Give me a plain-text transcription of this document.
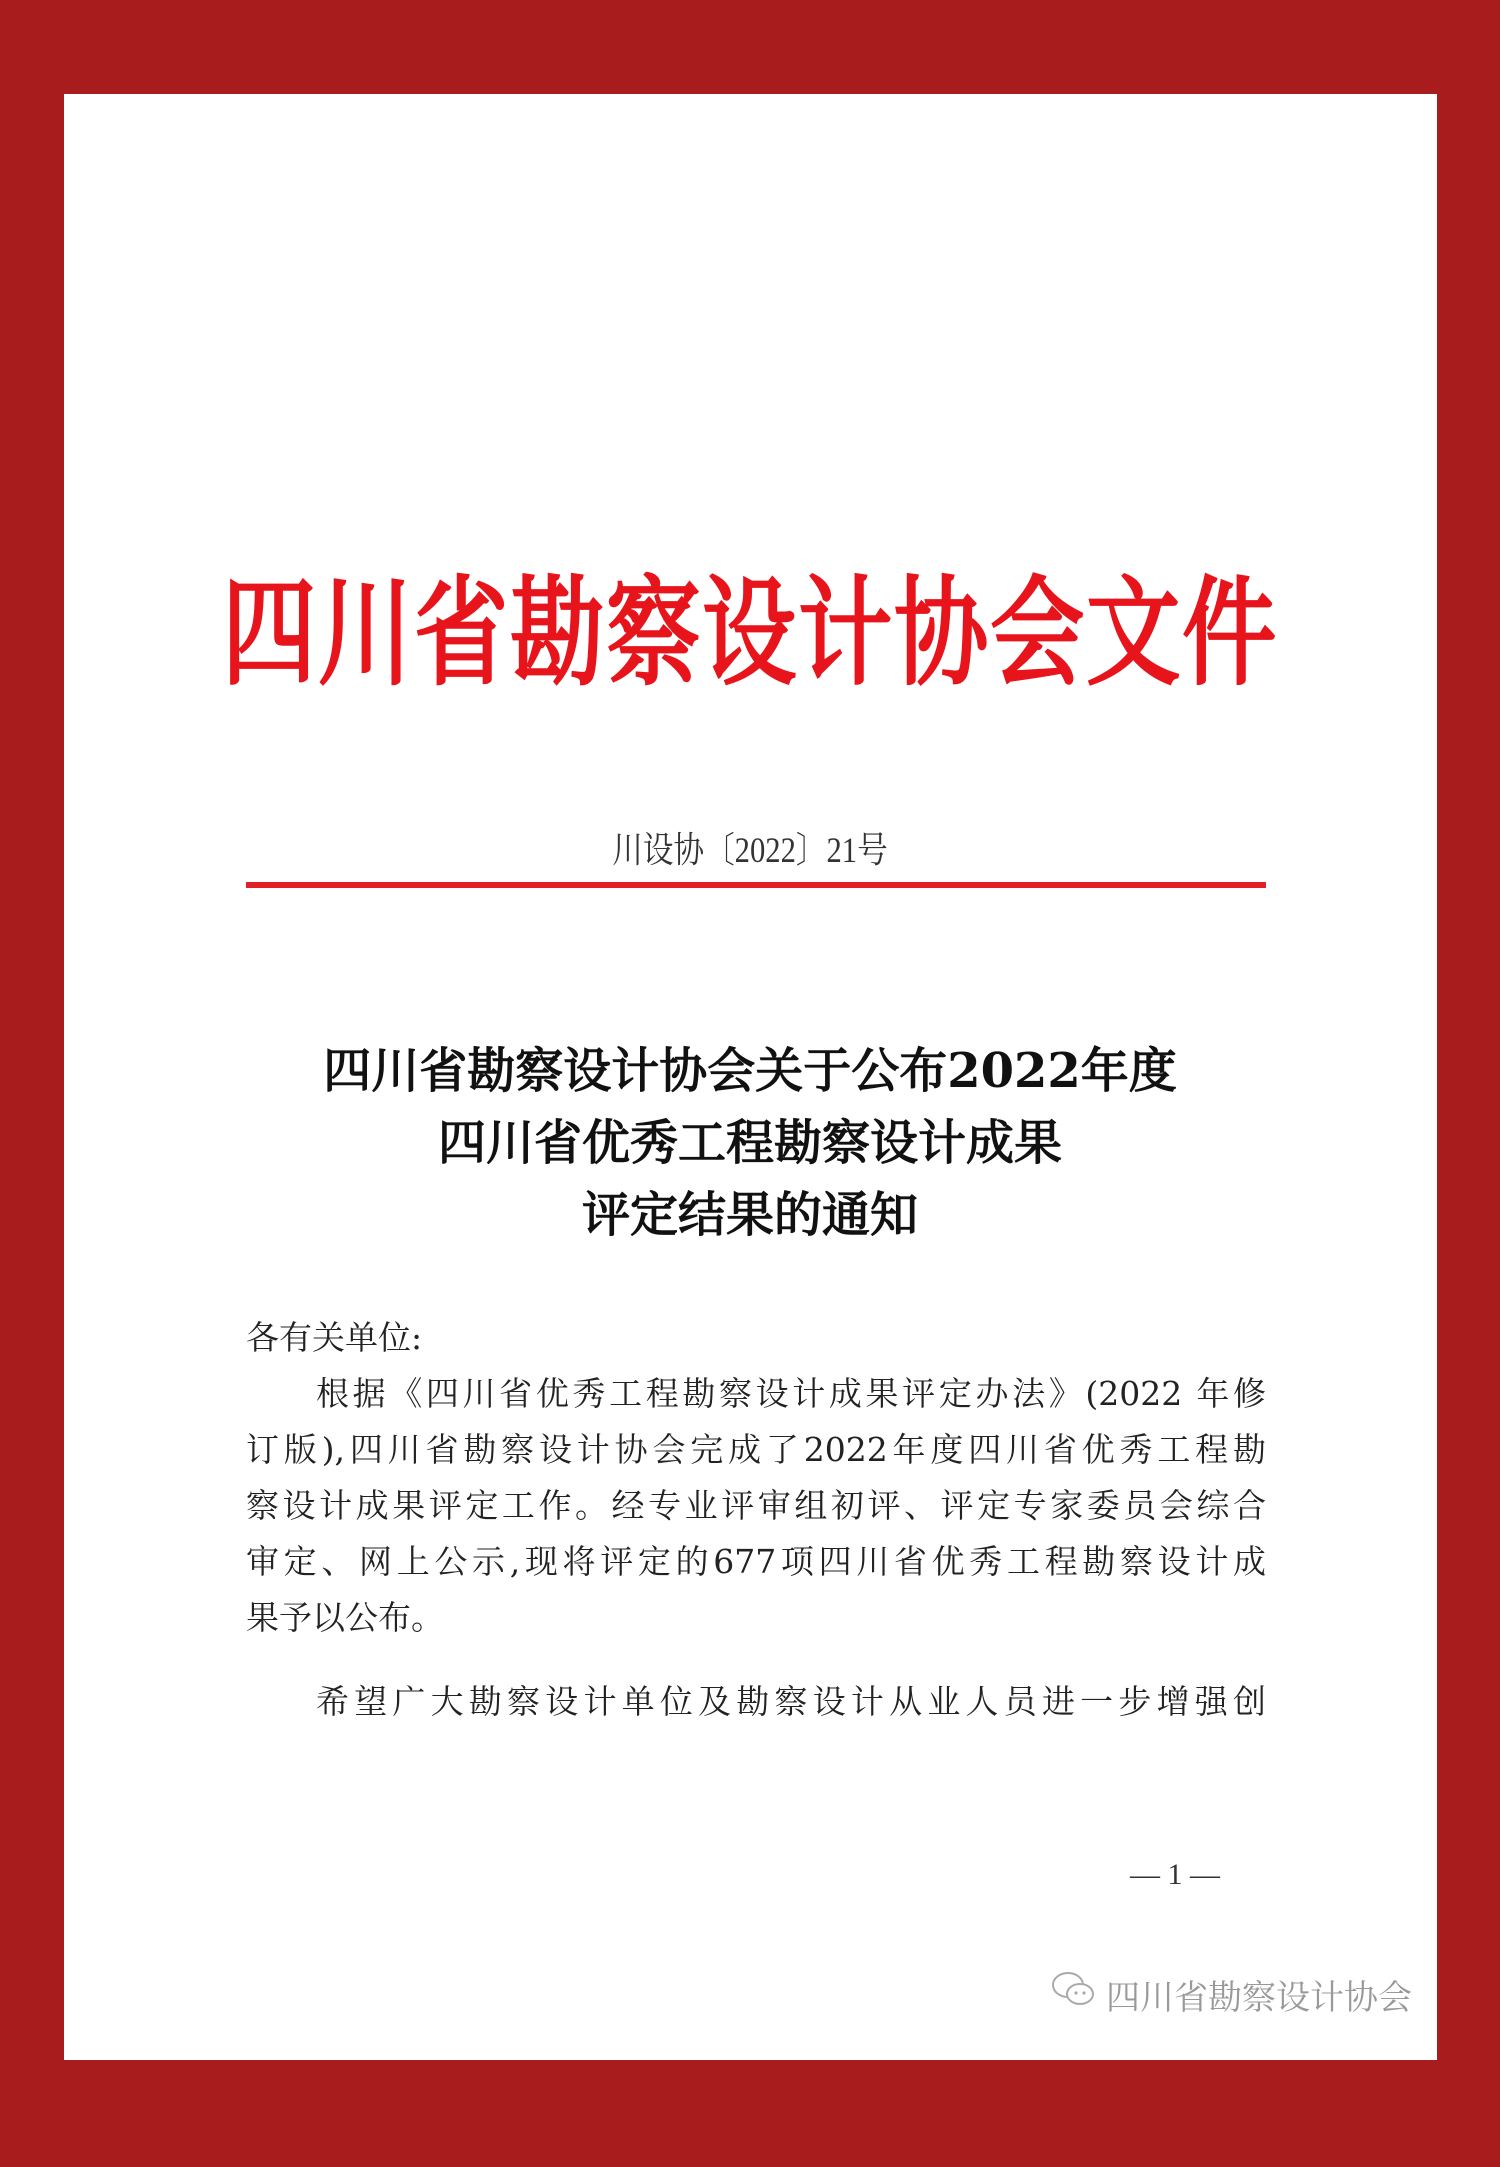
四川省勘察设计协会文件
川设协〔2022〕21号
四川省勘察设计协会关于公布2022年度
四川省优秀工程勘察设计成果
评定结果的通知
各有关单位:
根据《四川省优秀工程勘察设计成果评定办法》(2022 年修
订版),四川省勘察设计协会完成了2022年度四川省优秀工程勘
察设计成果评定工作。经专业评审组初评、评定专家委员会综合
审定、网上公示,现将评定的677项四川省优秀工程勘察设计成
果予以公布。
希望广大勘察设计单位及勘察设计从业人员进一步增强创
— 1 —
四川省勘察设计协会
